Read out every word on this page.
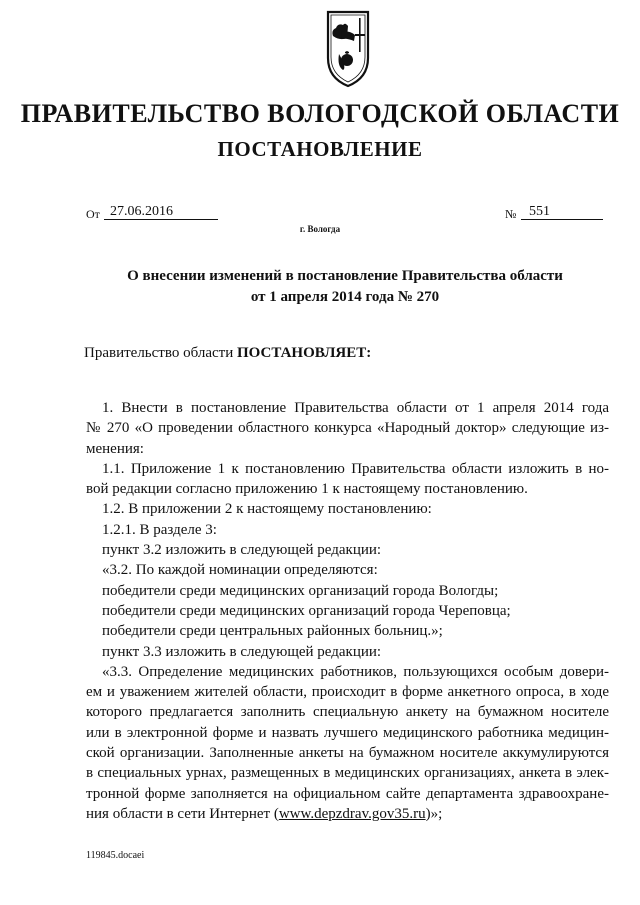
ПРАВИТЕЛЬСТВО ВОЛОГОДСКОЙ ОБЛАСТИ
ПОСТАНОВЛЕНИЕ
От 27.06.2016	№ 551
г. Вологда
О внесении изменений в постановление Правительства области
от 1 апреля 2014 года № 270
Правительство области ПОСТАНОВЛЯЕТ:
1. Внести в постановление Правительства области от 1 апреля 2014 года
№ 270 «О проведении областного конкурса «Народный доктор» следующие из-
менения:
1.1. Приложение 1 к постановлению Правительства области изложить в но-
вой редакции согласно приложению 1 к настоящему постановлению.
1.2. В приложении 2 к настоящему постановлению:
1.2.1. В разделе 3:
пункт 3.2 изложить в следующей редакции:
«3.2. По каждой номинации определяются:
победители среди медицинских организаций города Вологды;
победители среди медицинских организаций города Череповца;
победители среди центральных районных больниц.»;
пункт 3.3 изложить в следующей редакции:
«3.3. Определение медицинских работников, пользующихся особым довери-
ем и уважением жителей области, происходит в форме анкетного опроса, в ходе
которого предлагается заполнить специальную анкету на бумажном носителе
или в электронной форме и назвать лучшего медицинского работника медицин-
ской организации. Заполненные анкеты на бумажном носителе аккумулируются
в специальных урнах, размещенных в медицинских организациях, анкета в элек-
тронной форме заполняется на официальном сайте департамента здравоохране-
ния области в сети Интернет (www.depzdrav.gov35.ru)»;
119845.docaei
